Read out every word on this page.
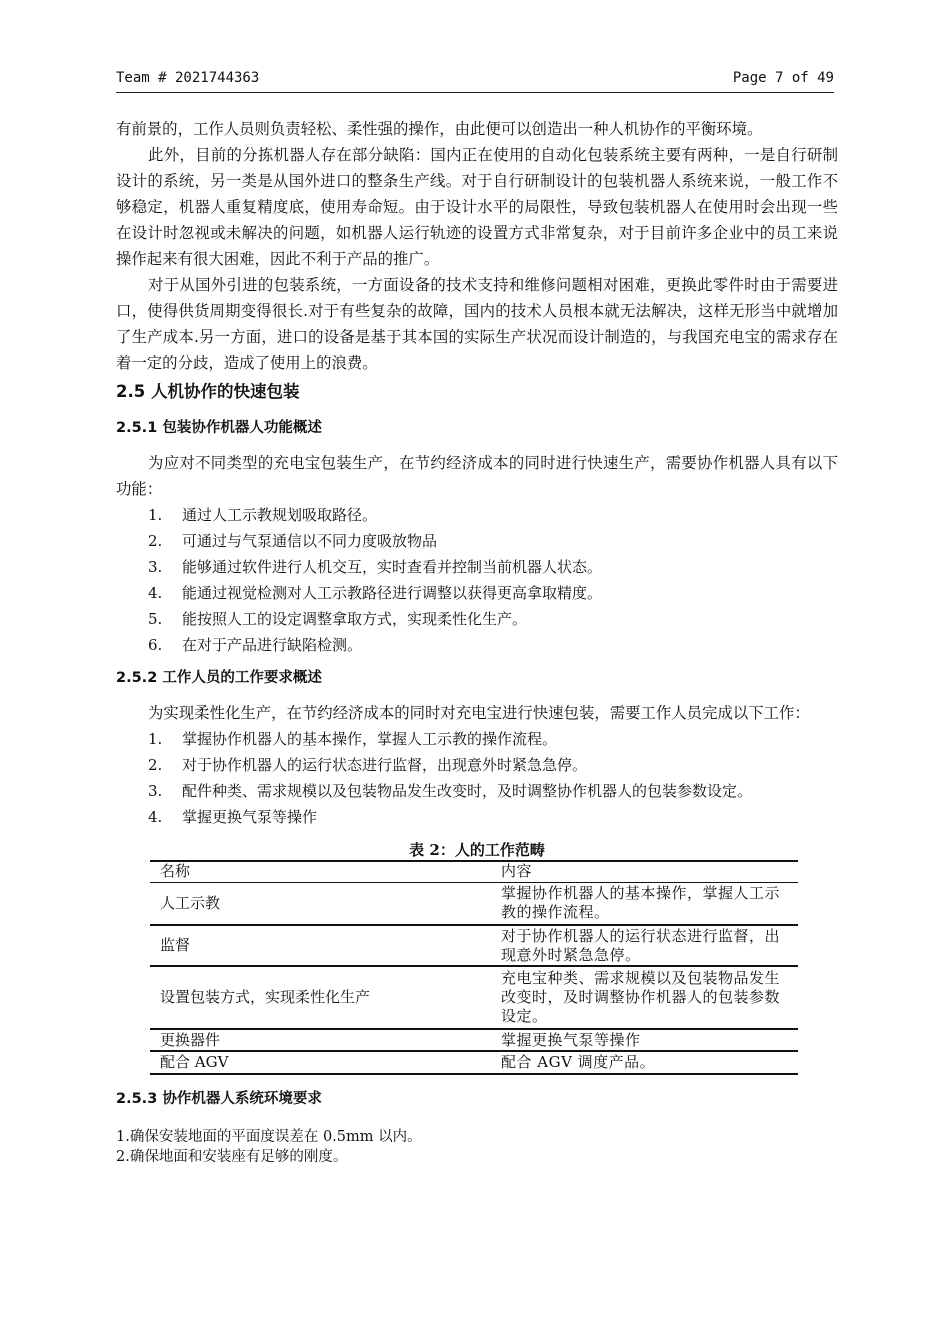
Team # 2021744363	Page 7 of 49

有前景的，工作人员则负责轻松、柔性强的操作，由此便可以创造出一种人机协作的平衡环境。

此外，目前的分拣机器人存在部分缺陷：国内正在使用的自动化包装系统主要有两种，一是自行研制设计的系统，另一类是从国外进口的整条生产线。对于自行研制设计的包装机器人系统来说，一般工作不够稳定，机器人重复精度底，使用寿命短。由于设计水平的局限性，导致包装机器人在使用时会出现一些在设计时忽视或未解决的问题，如机器人运行轨迹的设置方式非常复杂，对于目前许多企业中的员工来说操作起来有很大困难，因此不利于产品的推广。

对于从国外引进的包装系统，一方面设备的技术支持和维修问题相对困难，更换此零件时由于需要进口，使得供货周期变得很长.对于有些复杂的故障，国内的技术人员根本就无法解决，这样无形当中就增加了生产成本.另一方面，进口的设备是基于其本国的实际生产状况而设计制造的，与我国充电宝的需求存在着一定的分歧，造成了使用上的浪费。

2.5 人机协作的快速包装
2.5.1 包装协作机器人功能概述

为应对不同类型的充电宝包装生产，在节约经济成本的同时进行快速生产，需要协作机器人具有以下功能：

1. 通过人工示教规划吸取路径。
2. 可通过与气泵通信以不同力度吸放物品
3. 能够通过软件进行人机交互，实时查看并控制当前机器人状态。
4. 能通过视觉检测对人工示教路径进行调整以获得更高拿取精度。
5. 能按照人工的设定调整拿取方式，实现柔性化生产。
6. 在对于产品进行缺陷检测。
2.5.2 工作人员的工作要求概述

为实现柔性化生产，在节约经济成本的同时对充电宝进行快速包装，需要工作人员完成以下工作：

1. 掌握协作机器人的基本操作，掌握人工示教的操作流程。
2. 对于协作机器人的运行状态进行监督，出现意外时紧急急停。
3. 配件种类、需求规模以及包装物品发生改变时，及时调整协作机器人的包装参数设定。
4. 掌握更换气泵等操作
表 2：人的工作范畴
名称	内容
人工示教	掌握协作机器人的基本操作，掌握人工示教的操作流程。
监督	对于协作机器人的运行状态进行监督，出现意外时紧急急停。
设置包装方式，实现柔性化生产	充电宝种类、需求规模以及包装物品发生改变时，及时调整协作机器人的包装参数设定。
更换器件	掌握更换气泵等操作
配合 AGV	配合 AGV 调度产品。
2.5.3 协作机器人系统环境要求
1.确保安装地面的平面度误差在 0.5mm 以内。
2.确保地面和安装座有足够的刚度。
